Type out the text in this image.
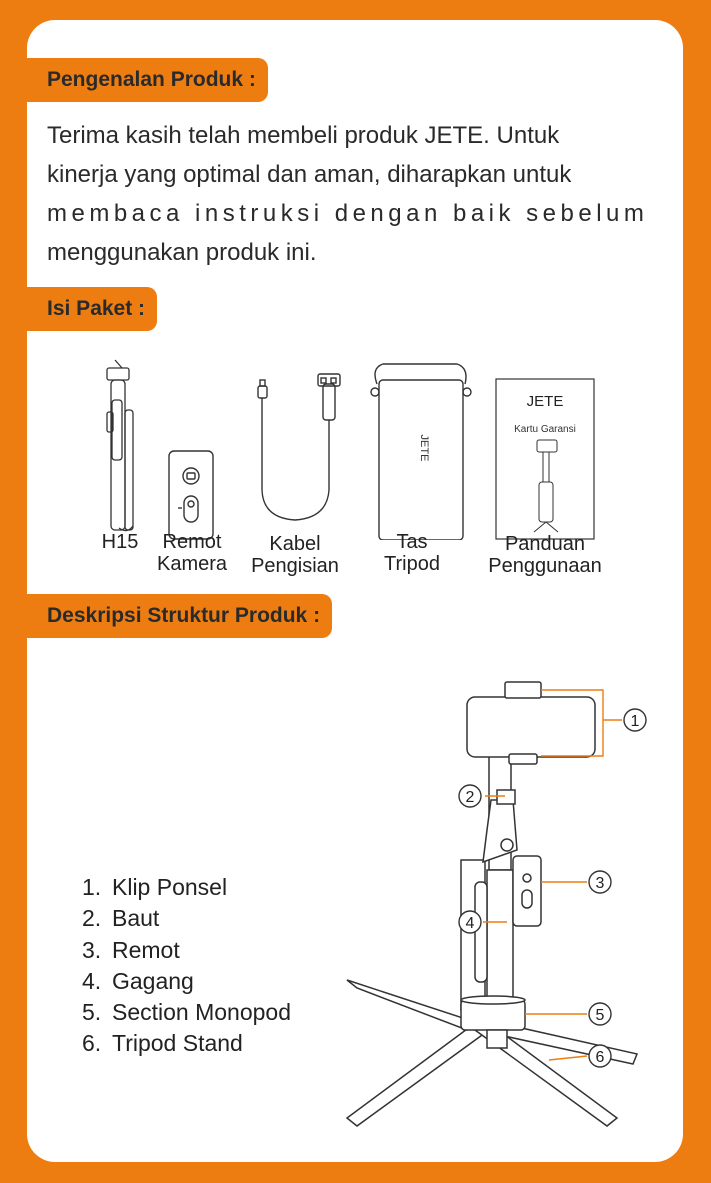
Pengenalan Produk :
Terima kasih telah membeli produk JETE. Untuk
kinerja yang optimal dan aman, diharapkan untuk
membaca instruksi dengan baik sebelum
menggunakan produk ini.
Isi Paket :
JETE
JETE
Kartu Garansi
H15	Remot
Kamera
Kabel
Pengisian
Tas
Tripod
Panduan
Penggunaan
Deskripsi Struktur Produk :
1. Klip Ponsel
2. Baut
3. Remot
4. Gagang
5. Section Monopod
6. Tripod Stand
1
2
3
4
5
6
